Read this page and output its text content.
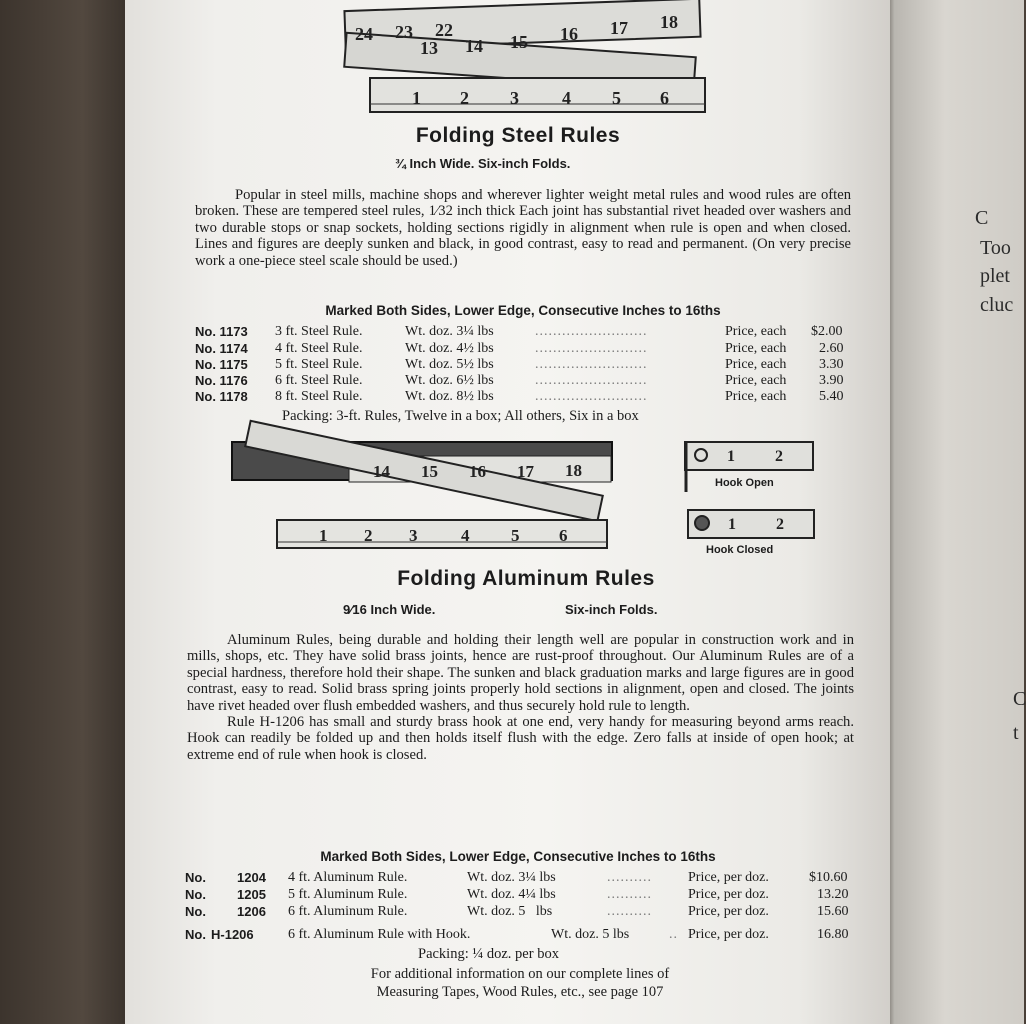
C
Too
plet
cluc
C
t
24 23 22
13 14 15 16 17 18
1 2 3 4 5 6
Folding Steel Rules
¾ Inch Wide. Six-inch Folds.

Popular in steel mills, machine shops and wherever lighter weight metal rules and wood rules are often broken. These are tempered steel rules, 1⁄32 inch thick Each joint has substantial rivet headed over washers and two durable stops or snap sockets, holding sections rigidly in alignment when rule is open and when closed. Lines and figures are deeply sunken and black, in good contrast, easy to read and permanent. (On very precise work a one-piece steel scale should be used.)

Marked Both Sides, Lower Edge, Consecutive Inches to 16ths
No. 1173 3 ft. Steel Rule.	Wt. doz. 3¼ lbs	.........................	Price, each $2.00
No. 1174 4 ft. Steel Rule.	Wt. doz. 4½ lbs	.........................	Price, each 2.60
No. 1175 5 ft. Steel Rule.	Wt. doz. 5½ lbs	.........................	Price, each 3.30
No. 1176 6 ft. Steel Rule.	Wt. doz. 6½ lbs	.........................	Price, each 3.90
No. 1178 8 ft. Steel Rule.	Wt. doz. 8½ lbs	.........................	Price, each 5.40
Packing: 3-ft. Rules, Twelve in a box; All others, Six in a box
14 15 16 17 18
1 2 3	4 5 6
1	2
Hook Open
1	2
Hook Closed
Folding Aluminum Rules
9⁄16 Inch Wide.	Six-inch Folds.

Aluminum Rules, being durable and holding their length well are popular in construction work and in mills, shops, etc. They have solid brass joints, hence are rust-proof throughout. Our Aluminum Rules are of a special hardness, therefore hold their shape. The sunken and black graduation marks and large figures are in good contrast, easy to read. Solid brass spring joints properly hold sections in alignment, open and closed. The joints have rivet headed over flush embedded washers, and thus securely hold rule to length.

Rule H-1206 has small and sturdy brass hook at one end, very handy for measuring beyond arms reach. Hook can readily be folded up and then holds itself flush with the edge. Zero falls at inside of open hook; at extreme end of rule when hook is closed.

Marked Both Sides, Lower Edge, Consecutive Inches to 16ths
No. 1204 4 ft. Aluminum Rule.	Wt. doz. 3¼ lbs	..........	Price, per doz.	$10.60
No. 1205 5 ft. Aluminum Rule.	Wt. doz. 4¼ lbs	..........	Price, per doz.	13.20
No. 1206 6 ft. Aluminum Rule.	Wt. doz. 5   lbs	..........	Price, per doz.	15.60
No. H-1206 6 ft. Aluminum Rule with Hook.	Wt. doz. 5 lbs	.. Price, per doz.	16.80
Packing: ¼ doz. per box
For additional information on our complete lines of
Measuring Tapes, Wood Rules, etc., see page 107
